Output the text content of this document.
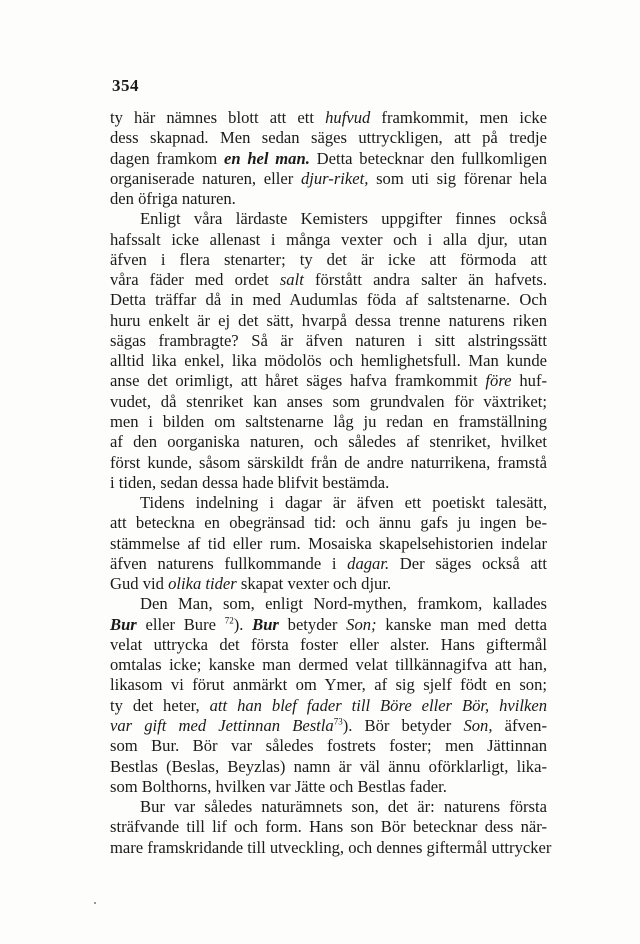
354
ty här nämnes blott att ett hufvud framkommit, men icke
dess skapnad. Men sedan säges uttryckligen, att på tredje
dagen framkom en hel man. Detta betecknar den fullkomligen
organiserade naturen, eller djur-riket, som uti sig förenar hela
den öfriga naturen.
Enligt våra lärdaste Kemisters uppgifter finnes också
hafssalt icke allenast i många vexter och i alla djur, utan
äfven i flera stenarter; ty det är icke att förmoda att
våra fäder med ordet salt förstått andra salter än hafvets.
Detta träffar då in med Audumlas föda af saltstenarne. Och
huru enkelt är ej det sätt, hvarpå dessa trenne naturens riken
sägas frambragte? Så är äfven naturen i sitt alstringssätt
alltid lika enkel, lika mödolös och hemlighetsfull. Man kunde
anse det orimligt, att håret säges hafva framkommit före huf-
vudet, då stenriket kan anses som grundvalen för växtriket;
men i bilden om saltstenarne låg ju redan en framställning
af den oorganiska naturen, och således af stenriket, hvilket
först kunde, såsom särskildt från de andre naturrikena, framstå
i tiden, sedan dessa hade blifvit bestämda.
Tidens indelning i dagar är äfven ett poetiskt talesätt,
att beteckna en obegränsad tid: och ännu gafs ju ingen be-
stämmelse af tid eller rum. Mosaiska skapelsehistorien indelar
äfven naturens fullkommande i dagar. Der säges också att
Gud vid olika tider skapat vexter och djur.
Den Man, som, enligt Nord-mythen, framkom, kallades
Bur eller Bure $^{72}$). Bur betyder Son; kanske man med detta
velat uttrycka det första foster eller alster. Hans giftermål
omtalas icke; kanske man dermed velat tillkännagifva att han,
likasom vi förut anmärkt om Ymer, af sig sjelf födt en son;
ty det heter, att han blef fader till Böre eller Bör, hvilken
var gift med Jettinnan Bestla$^{73}$). Bör betyder Son, äfven-
som Bur. Bör var således fostrets foster; men Jättinnan
Bestlas (Beslas, Beyzlas) namn är väl ännu oförklarligt, lika-
som Bolthorns, hvilken var Jätte och Bestlas fader.
Bur var således naturämnets son, det är: naturens första
sträfvande till lif och form. Hans son Bör betecknar dess när-
mare framskridande till utveckling, och dennes giftermål uttrycker
